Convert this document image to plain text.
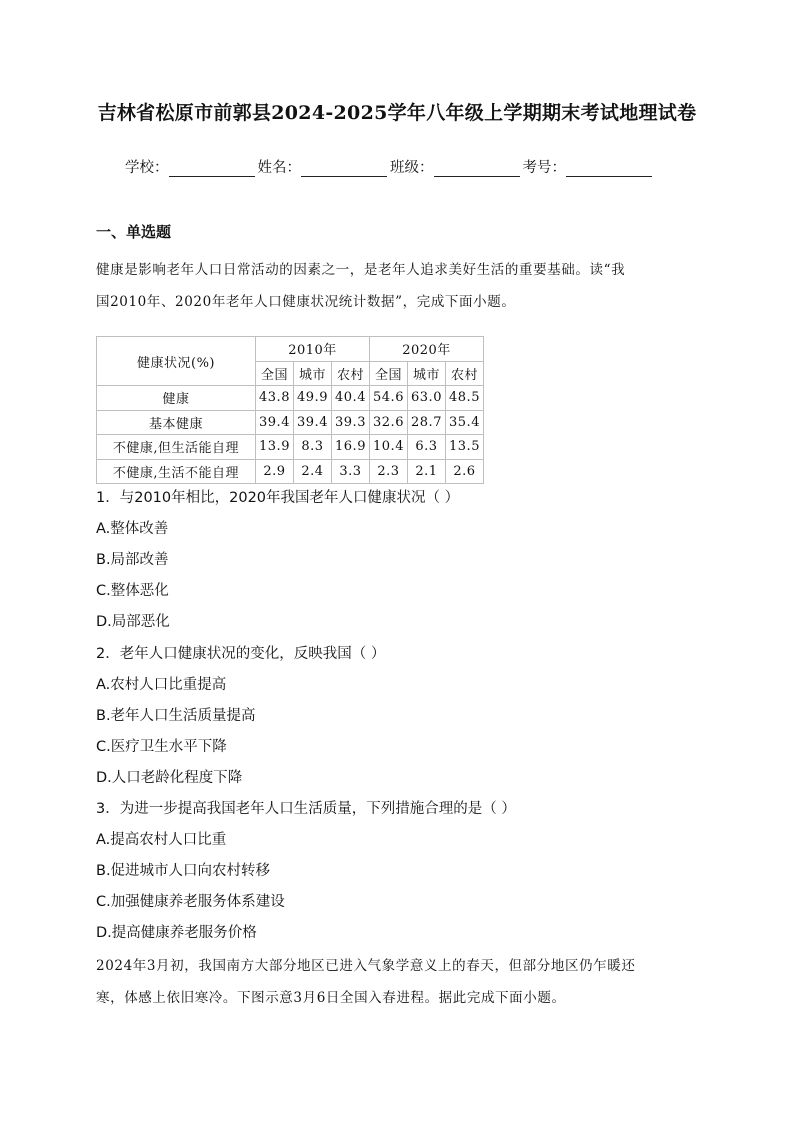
吉林省松原市前郭县2024-2025学年八年级上学期期末考试地理试卷
学校：	姓名：	班级：	考号：
一、单选题
健康是影响老年人口日常活动的因素之一，是老年人追求美好生活的重要基础。读“我
国2010年、2020年老年人口健康状况统计数据”，完成下面小题。
健康状况(%)	2010年			2020年		
	全国	城市	农村	全国	城市	农村
健康	43.8	49.9	40.4	54.6	63.0	48.5
基本健康	39.4	39.4	39.3	32.6	28.7	35.4
不健康,但生活能自理	13.9	8.3	16.9	10.4	6.3	13.5
不健康,生活不能自理	2.9	2.4	3.3	2.3	2.1	2.6
1．与2010年相比，2020年我国老年人口健康状况（ ）
A.整体改善
B.局部改善
C.整体恶化
D.局部恶化
2．老年人口健康状况的变化，反映我国（ ）
A.农村人口比重提高
B.老年人口生活质量提高
C.医疗卫生水平下降
D.人口老龄化程度下降
3．为进一步提高我国老年人口生活质量，下列措施合理的是（ ）
A.提高农村人口比重
B.促进城市人口向农村转移
C.加强健康养老服务体系建设
D.提高健康养老服务价格
2024年3月初，我国南方大部分地区已进入气象学意义上的春天，但部分地区仍乍暖还
寒，体感上依旧寒冷。下图示意3月6日全国入春进程。据此完成下面小题。
